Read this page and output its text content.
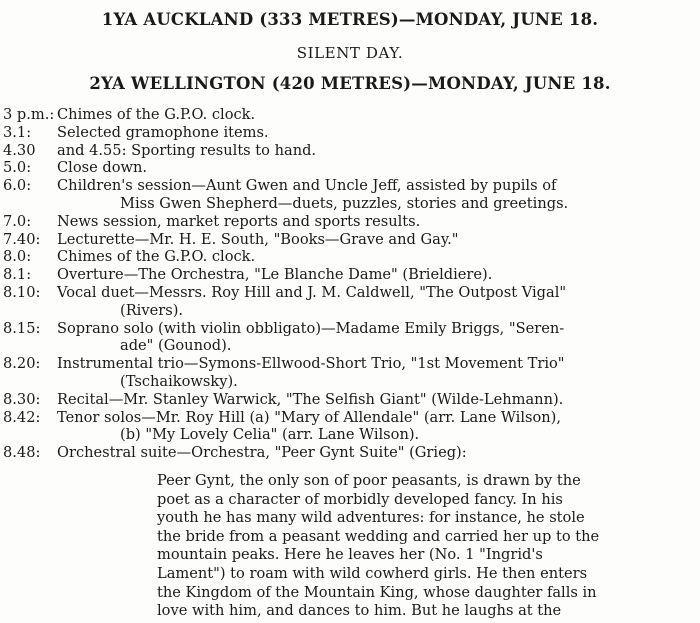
1YA AUCKLAND (333 METRES)—MONDAY, JUNE 18.
SILENT DAY.
2YA WELLINGTON (420 METRES)—MONDAY, JUNE 18.
3 p.m.: Chimes of the G.P.O. clock.
3.1: Selected gramophone items.
4.30 and 4.55: Sporting results to hand.
5.0: Close down.
6.0: Children's session—Aunt Gwen and Uncle Jeff, assisted by pupils of
Miss Gwen Shepherd—duets, puzzles, stories and greetings.
7.0: News session, market reports and sports results.
7.40: Lecturette—Mr. H. E. South, "Books—Grave and Gay."
8.0: Chimes of the G.P.O. clock.
8.1: Overture—The Orchestra, "Le Blanche Dame" (Brieldiere).
8.10: Vocal duet—Messrs. Roy Hill and J. M. Caldwell, "The Outpost Vigal"
(Rivers).
8.15: Soprano solo (with violin obbligato)—Madame Emily Briggs, "Seren-
ade" (Gounod).
8.20: Instrumental trio—Symons-Ellwood-Short Trio, "1st Movement Trio"
(Tschaikowsky).
8.30: Recital—Mr. Stanley Warwick, "The Selfish Giant" (Wilde-Lehmann).
8.42: Tenor solos—Mr. Roy Hill (a) "Mary of Allendale" (arr. Lane Wilson),
(b) "My Lovely Celia" (arr. Lane Wilson).
8.48: Orchestral suite—Orchestra, "Peer Gynt Suite" (Grieg):
Peer Gynt, the only son of poor peasants, is drawn by the
poet as a character of morbidly developed fancy. In his
youth he has many wild adventures: for instance, he stole
the bride from a peasant wedding and carried her up to the
mountain peaks. Here he leaves her (No. 1 "Ingrid's
Lament") to roam with wild cowherd girls. He then enters
the Kingdom of the Mountain King, whose daughter falls in
love with him, and dances to him. But he laughs at the
